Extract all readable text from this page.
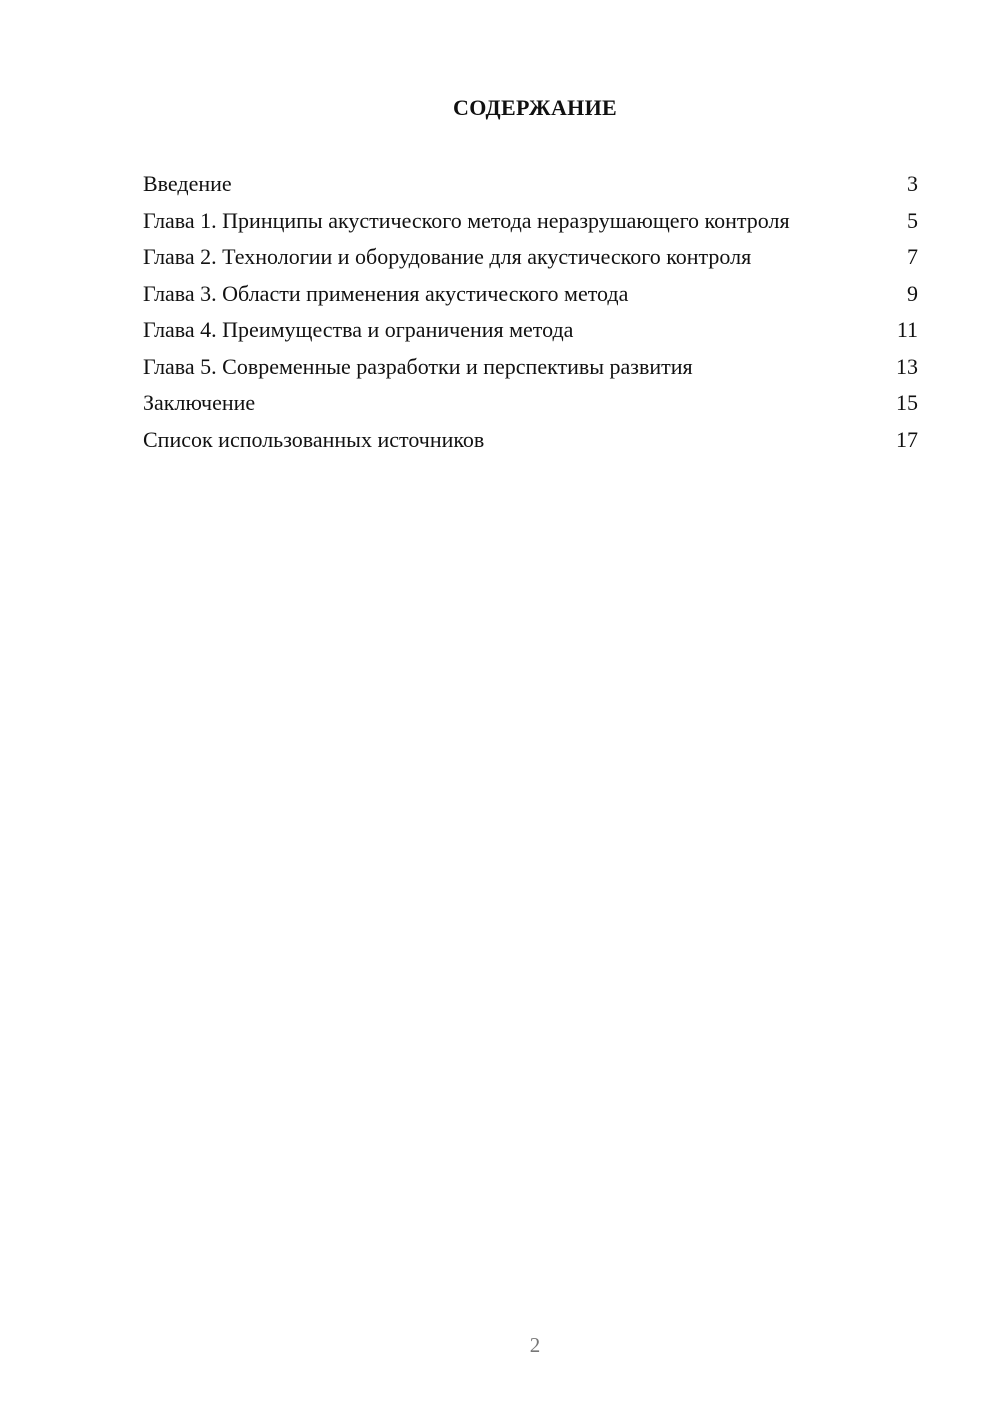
СОДЕРЖАНИЕ
Введение	3
Глава 1. Принципы акустического метода неразрушающего контроля	5
Глава 2. Технологии и оборудование для акустического контроля	7
Глава 3. Области применения акустического метода	9
Глава 4. Преимущества и ограничения метода	11
Глава 5. Современные разработки и перспективы развития	13
Заключение	15
Список использованных источников	17
2
